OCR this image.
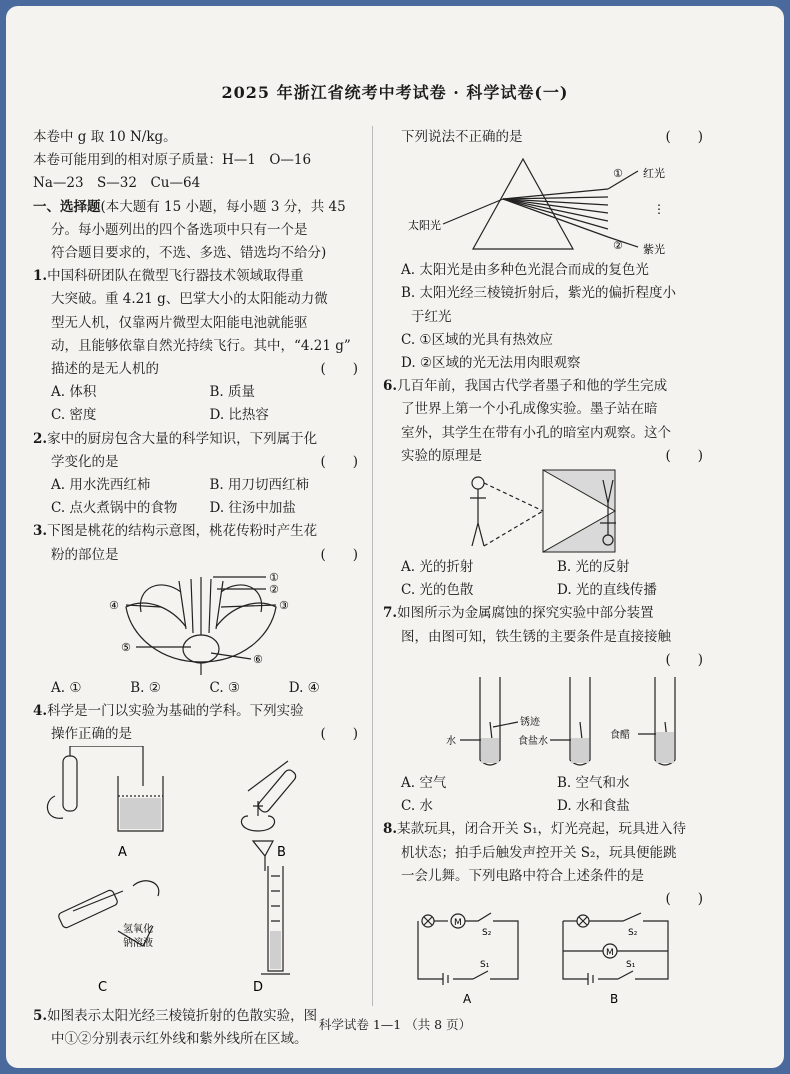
2025 年浙江省统考中考试卷 · 科学试卷(一)
本卷中 g 取 10 N/kg。
本卷可能用到的相对原子质量：H—1　O—16
Na—23　S—32　Cu—64
一、选择题(本大题有 15 小题，每小题 3 分，共 45
分。每小题列出的四个备选项中只有一个是
符合题目要求的，不选、多选、错选均不给分)
1.中国科研团队在微型飞行器技术领域取得重
大突破。重 4.21 g、巴掌大小的太阳能动力微
型无人机，仅靠两片微型太阳能电池就能驱
动，且能够依靠自然光持续飞行。其中，“4.21 g”
描述的是无人机的	(　　)
A. 体积	B. 质量
C. 密度	D. 比热容
2.家中的厨房包含大量的科学知识，下列属于化
学变化的是	(　　)
A. 用水洗西红柿	B. 用刀切西红柿
C. 点火煮锅中的食物	D. 往汤中加盐
3.下图是桃花的结构示意图，桃花传粉时产生花
粉的部位是	(　　)
①
②
③
④
⑤
⑥
A. ①	B. ②	C. ③	D. ④
4.科学是一门以实验为基础的学科。下列实验
操作正确的是	(　　)
A	B
C	D
氢氧化
钠溶液
5.如图表示太阳光经三棱镜折射的色散实验，图
中①②分别表示红外线和紫外线所在区域。
下列说法不正确的是	(　　)
太阳光
① 红光
⋮
② 紫光
A. 太阳光是由多种色光混合而成的复色光
B. 太阳光经三棱镜折射后，紫光的偏折程度小
于红光
C. ①区域的光具有热效应
D. ②区域的光无法用肉眼观察
6.几百年前，我国古代学者墨子和他的学生完成
了世界上第一个小孔成像实验。墨子站在暗
室外，其学生在带有小孔的暗室内观察。这个
实验的原理是	(　　)
A. 光的折射	B. 光的反射
C. 光的色散	D. 光的直线传播
7.如图所示为金属腐蚀的探究实验中部分装置
图，由图可知，铁生锈的主要条件是直接接触
(　　)
水
锈迹
食盐水
食醋
A. 空气	B. 空气和水
C. 水	D. 水和食盐
8.某款玩具，闭合开关 S₁，灯光亮起，玩具进入待
机状态；拍手后触发声控开关 S₂，玩具便能跳
一会儿舞。下列电路中符合上述条件的是
(　　)
M
M
S₂	S₂
S₁	S₁
A	B
科学试卷 1—1 （共 8 页）
